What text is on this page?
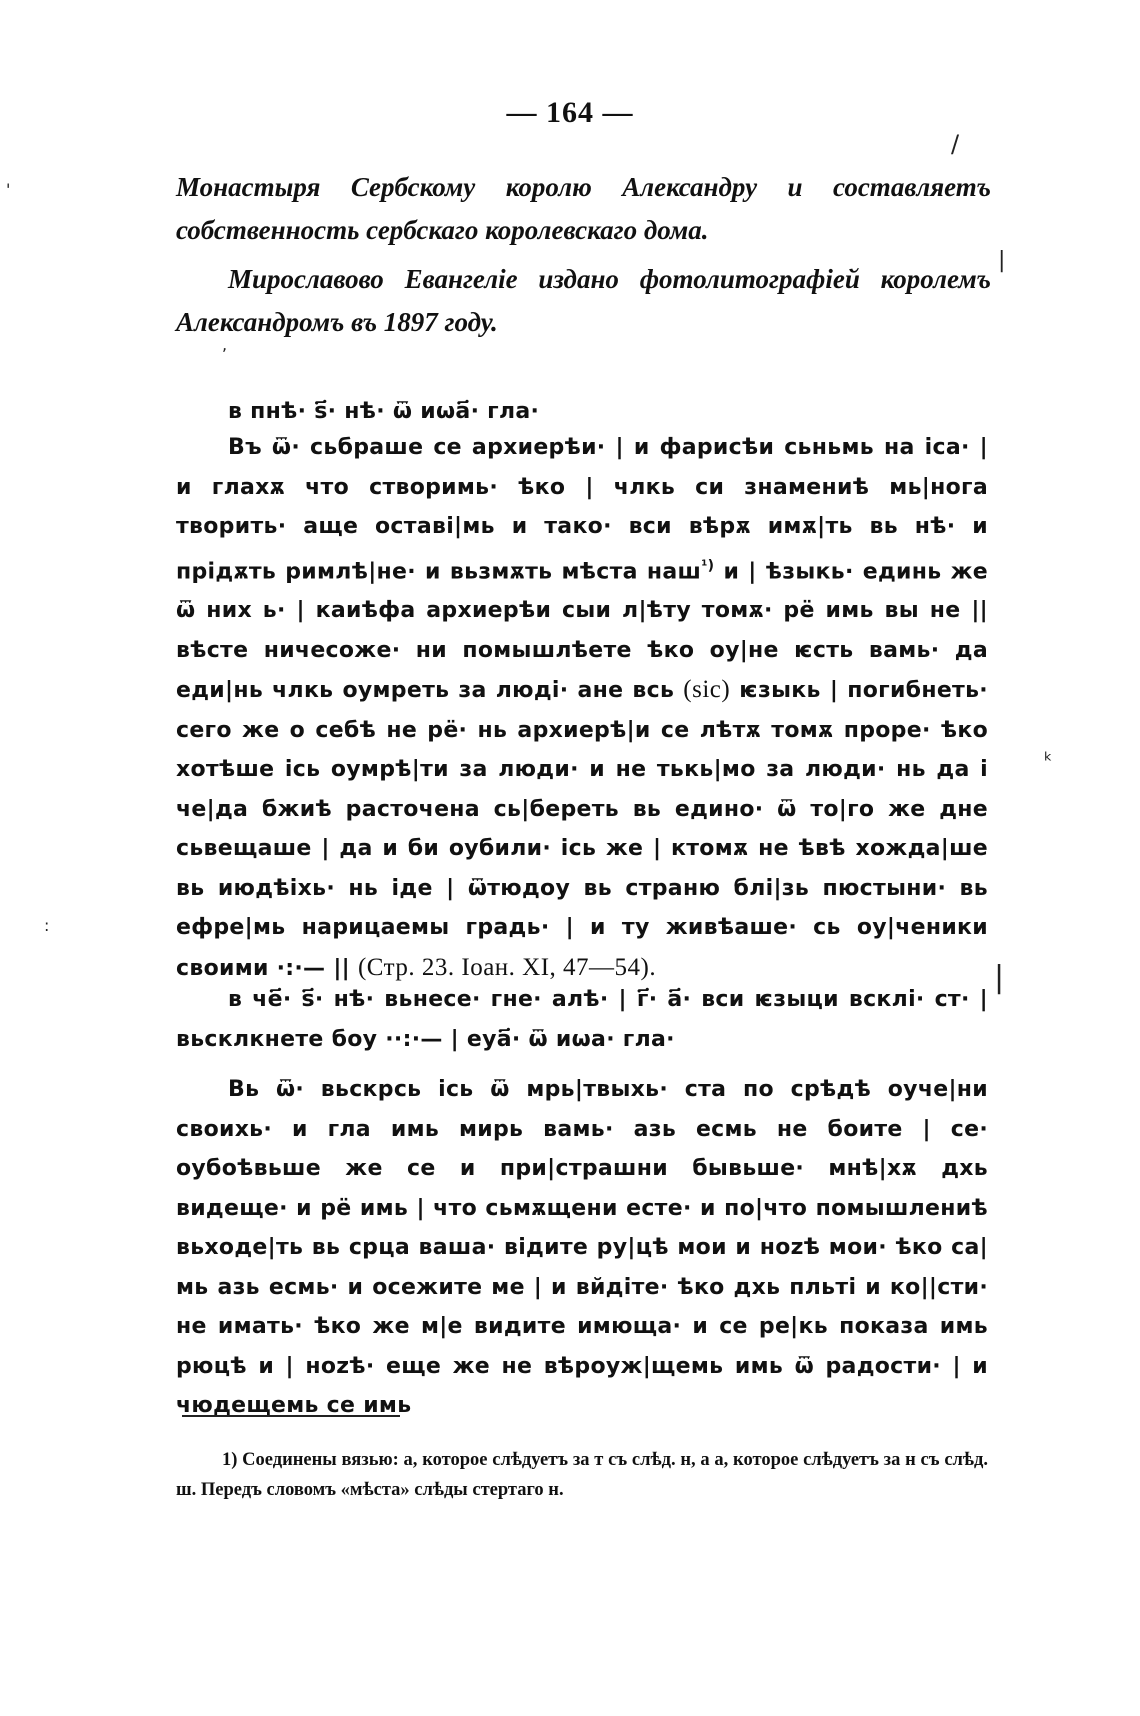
— 164 —

Монастыря Сербскому королю Александру и составляетъ собственность сербскаго королевскаго дома.

Мирославово Евангеліе издано фотолитографіей королемъ Александромъ въ 1897 году.

в пнѣ· ѕ҃· нѣ· ѿ иѡа҃· гла·

Въ ѿ· сьбраше се архиерѣи· | и фарисѣи сьньмь на іса· | и глахѫ что створимь· ѣко | члкь си знамениѣ мь|нога творить· аще оставі|мь и тако· вси вѣрѫ имѫ|ть вь нѣ· и прідѫть римлѣ|не· и вьзмѫть мѣста наш$^{^1)}$ и | ѣзыкь· единь же ѿ них ь· | каиѣфа архиерѣи сыи л|ѣту томѫ· рё имь вы не || вѣсте ничесоже· ни помышлѣете ѣко оу|не ѥсть вамь· да еди|нь члкь оумреть за люді· ане вcь (sic) ѥзыкь | погибнеть· сего же о себѣ не рё· нь архиерѣ|и се лѣтѫ томѫ проре· ѣко хотѣше ісь оумрѣ|ти за люди· и не тькь|мо за люди· нь да і че|да бжиѣ расточена сь|береть вь едино· ѿ то|го же дне сьвещаше | да и би оубили· ісь же | ктомѫ не ѣвѣ хожда|ше вь июдѣіхь· нь іде | ѿтюдоу вь страню блі|зь пюстыни· вь ефре|мь нарицаемы градь· | и ту живѣаше· сь оу|ченики своими ·:·— || (Стр. 23. Іоан. XI, 47—54).

в че҃· ѕ҃· нѣ· вьнесе· гне· алѣ· | г҃· а҃· вси ѥзыци всклі· ст· | вьсклкнете бoу ··:·— | еуа҃· ѿ иѡа· гла·

Вь ѿ· вьскрсь ісь ѿ мрь|твыхь· ста по срѣдѣ оуче|ни своихь· и гла имь мирь вамь· азь есмь не боите | се· оубоѣвьше же се и при|страшни бывьше· мнѣ|хѫ дхь видеще· и рё имь | что сьмѫщени есте· и по|что помышлениѣ вьходе|ть вь срца ваша· відите ру|цѣ мои и ноzѣ мои· ѣко са|мь азь есмь· и осежите ме | и вйдіте· ѣко дхь пльті и ко||сти· не имать· ѣко же м|е видите имюща· и се ре|кь показа имь рюцѣ и | ноzѣ· еще же не вѣроуж|щемь имь ѿ радости· | и чюдещемь се имь

1) Соединены вязью: а, которое слѣдуетъ за т съ слѣд. н, а а, которое слѣдуетъ за н съ слѣд. ш. Передъ словомъ «мѣста» слѣды стертаго н.

/
,
|
|
:
ᵏ
'
